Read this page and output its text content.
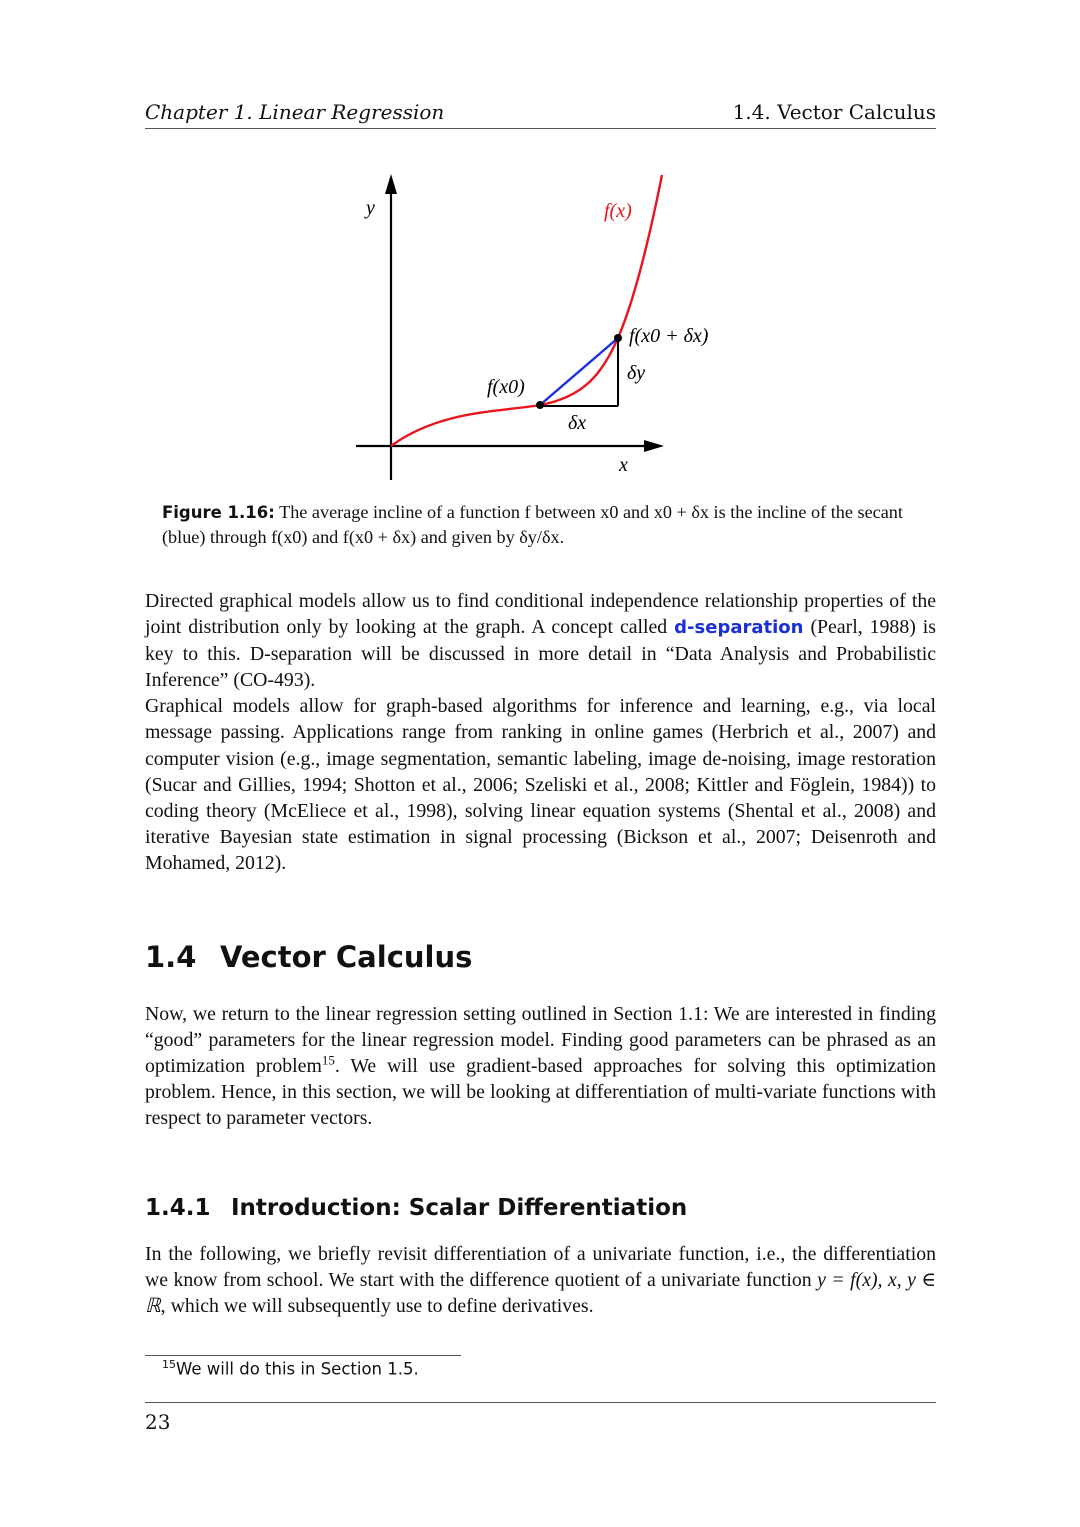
Chapter 1. Linear Regression	1.4. Vector Calculus
y
x
f(x)
f(x0 + δx)
f(x0)
δy
δx
Figure 1.16: The average incline of a function f between x0 and x0 + δx is the incline of the secant (blue) through f(x0) and f(x0 + δx) and given by δy/δx.

Directed graphical models allow us to find conditional independence relationship properties of the joint distribution only by looking at the graph. A concept called d-separation (Pearl, 1988) is key to this. D-separation will be discussed in more detail in “Data Analysis and Probabilistic Inference” (CO-493).

Graphical models allow for graph-based algorithms for inference and learning, e.g., via local message passing. Applications range from ranking in online games (Herbrich et al., 2007) and computer vision (e.g., image segmentation, semantic labeling, image de-noising, image restoration (Sucar and Gillies, 1994; Shotton et al., 2006; Szeliski et al., 2008; Kittler and Föglein, 1984)) to coding theory (McEliece et al., 1998), solving linear equation systems (Shental et al., 2008) and iterative Bayesian state estimation in signal processing (Bickson et al., 2007; Deisenroth and Mohamed, 2012).

1.4 Vector Calculus

Now, we return to the linear regression setting outlined in Section 1.1: We are interested in finding “good” parameters for the linear regression model. Finding good parameters can be phrased as an optimization problem$^{15}$. We will use gradient-based approaches for solving this optimization problem. Hence, in this section, we will be looking at differentiation of multi-variate functions with respect to parameter vectors.

1.4.1 Introduction: Scalar Differentiation

In the following, we briefly revisit differentiation of a univariate function, i.e., the differentiation we know from school. We start with the difference quotient of a univariate function y = f(x), x, y ∈ ℝ, which we will subsequently use to define derivatives.

$^{15}$We will do this in Section 1.5.
23
